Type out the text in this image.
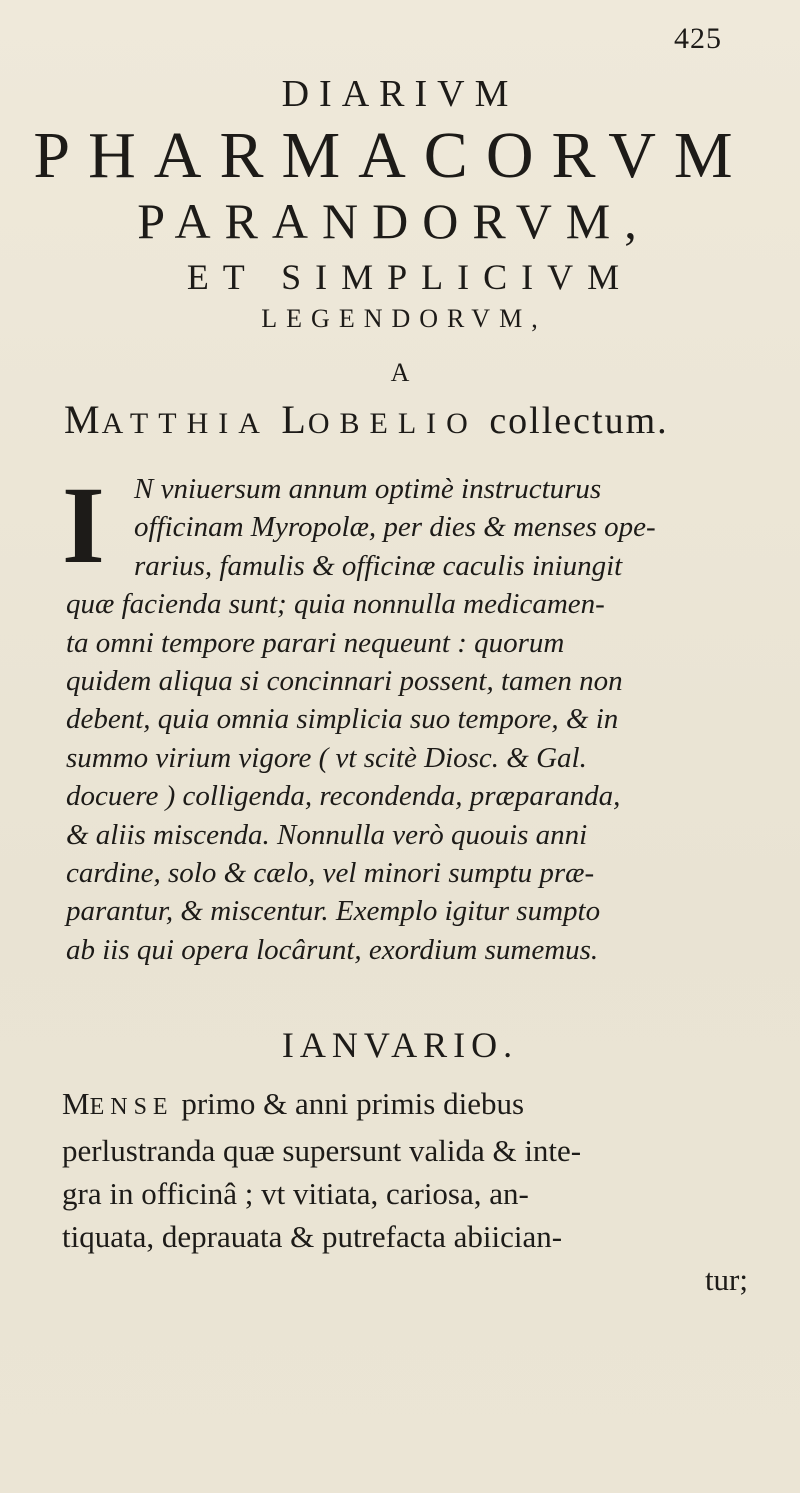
425
DIARIVM
PHARMACORVM
PARANDORVM,
ET SIMPLICIVM
LEGENDORVM,
A
MATTHIA LOBELIO collectum.
I	N vniuersum annum optimè instructurus
officinam Myropolæ, per dies & menses ope-
rarius, famulis & officinæ caculis iniungit
quæ facienda sunt; quia nonnulla medicamen-
ta omni tempore parari nequeunt : quorum
quidem aliqua si concinnari possent, tamen non
debent, quia omnia simplicia suo tempore, & in
summo virium vigore ( vt scitè Diosc. & Gal.
docuere ) colligenda, recondenda, præparanda,
& aliis miscenda. Nonnulla verò quouis anni
cardine, solo & cælo, vel minori sumptu præ-
parantur, & miscentur. Exemplo igitur sumpto
ab iis qui opera locârunt, exordium sumemus.
IANVARIO.
MENSE primo & anni primis diebus
perlustranda quæ supersunt valida & inte-
gra in officinâ ; vt vitiata, cariosa, an-
tiquata, deprauata & putrefacta abiician-
tur;
